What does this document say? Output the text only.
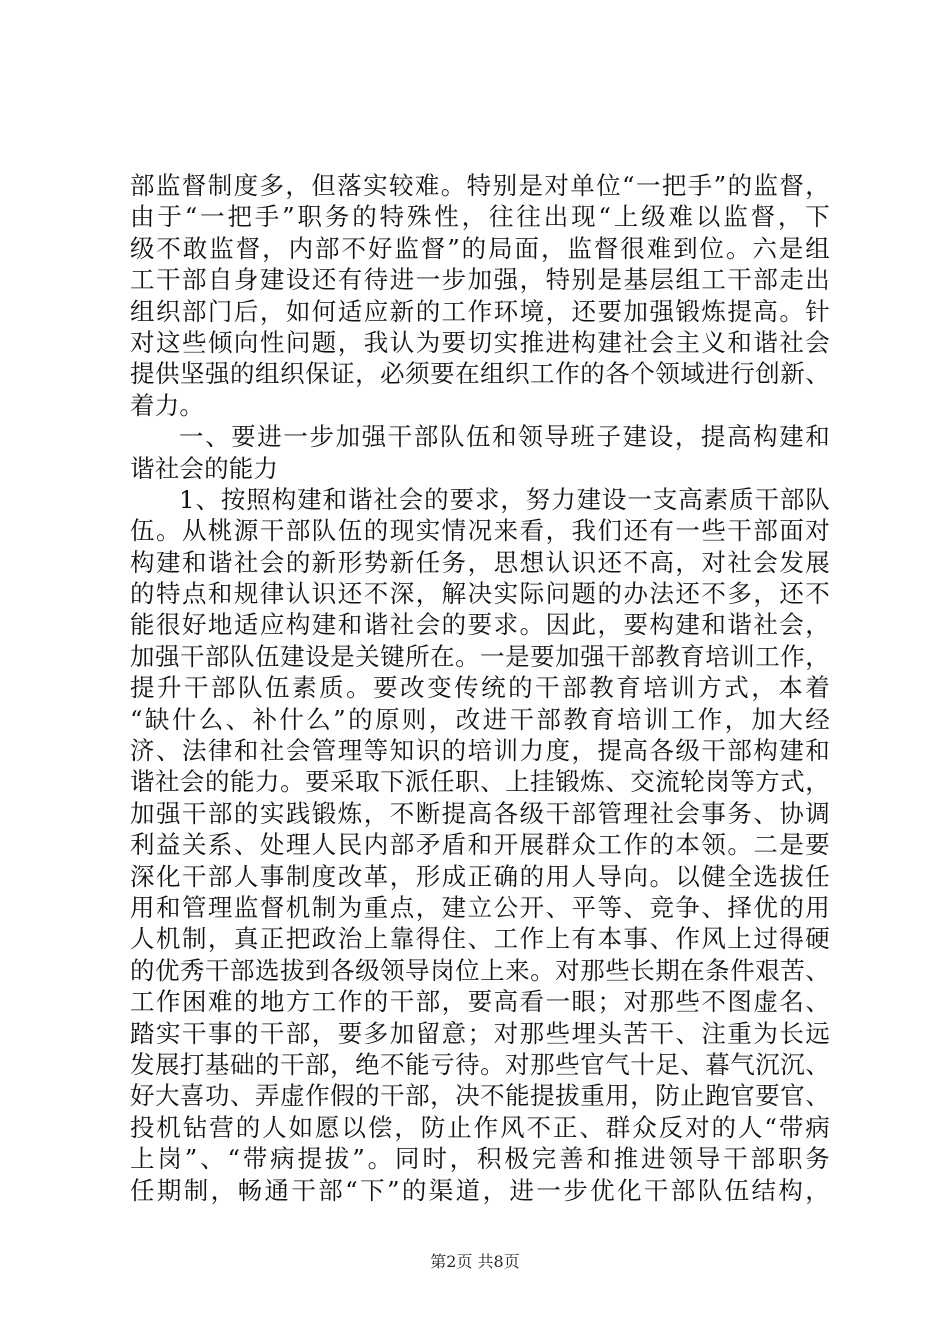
部监督制度多，但落实较难。特别是对单位“一把手”的监督，
由于“一把手”职务的特殊性，往往出现“上级难以监督，下
级不敢监督，内部不好监督”的局面，监督很难到位。六是组
工干部自身建设还有待进一步加强，特别是基层组工干部走出
组织部门后，如何适应新的工作环境，还要加强锻炼提高。针
对这些倾向性问题，我认为要切实推进构建社会主义和谐社会
提供坚强的组织保证，必须要在组织工作的各个领域进行创新、
着力。
一、要进一步加强干部队伍和领导班子建设，提高构建和
谐社会的能力
1、按照构建和谐社会的要求，努力建设一支高素质干部队
伍。从桃源干部队伍的现实情况来看，我们还有一些干部面对
构建和谐社会的新形势新任务，思想认识还不高，对社会发展
的特点和规律认识还不深，解决实际问题的办法还不多，还不
能很好地适应构建和谐社会的要求。因此，要构建和谐社会，
加强干部队伍建设是关键所在。一是要加强干部教育培训工作，
提升干部队伍素质。要改变传统的干部教育培训方式，本着
“缺什么、补什么”的原则，改进干部教育培训工作，加大经
济、法律和社会管理等知识的培训力度，提高各级干部构建和
谐社会的能力。要采取下派任职、上挂锻炼、交流轮岗等方式，
加强干部的实践锻炼，不断提高各级干部管理社会事务、协调
利益关系、处理人民内部矛盾和开展群众工作的本领。二是要
深化干部人事制度改革，形成正确的用人导向。以健全选拔任
用和管理监督机制为重点，建立公开、平等、竞争、择优的用
人机制，真正把政治上靠得住、工作上有本事、作风上过得硬
的优秀干部选拔到各级领导岗位上来。对那些长期在条件艰苦、
工作困难的地方工作的干部，要高看一眼；对那些不图虚名、
踏实干事的干部，要多加留意；对那些埋头苦干、注重为长远
发展打基础的干部，绝不能亏待。对那些官气十足、暮气沉沉、
好大喜功、弄虚作假的干部，决不能提拔重用，防止跑官要官、
投机钻营的人如愿以偿，防止作风不正、群众反对的人“带病
上岗”、“带病提拔”。同时，积极完善和推进领导干部职务
任期制，畅通干部“下”的渠道，进一步优化干部队伍结构，
第2页 共8页
